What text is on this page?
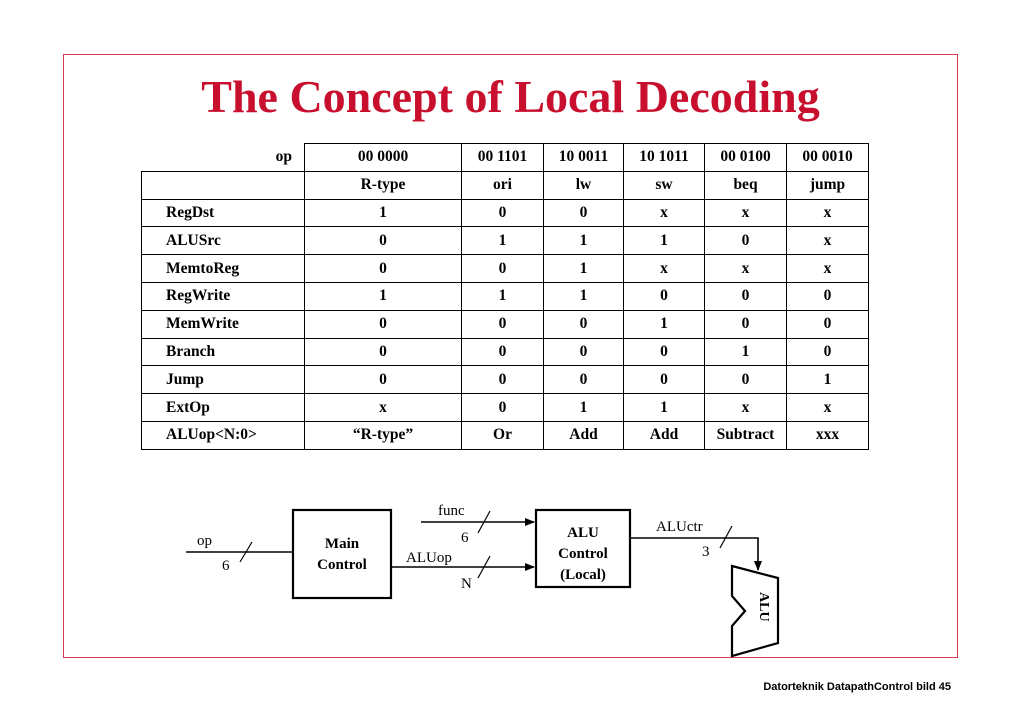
The Concept of Local Decoding
op	00 0000	00 1101	10 0011	10 1011	00 0100	00 0010
	R-type	ori	lw	sw	beq	jump
RegDst	1	0	0	x	x	x
ALUSrc	0	1	1	1	0	x
MemtoReg	0	0	1	x	x	x
RegWrite	1	1	1	0	0	0
MemWrite	0	0	0	1	0	0
Branch	0	0	0	0	1	0
Jump	0	0	0	0	0	1
ExtOp	x	0	1	1	x	x
ALUop<N:0>	“R-type”	Or	Add	Add	Subtract	xxx
op
6
Main
Control
func
6
ALUop
N
ALU
Control
(Local)
ALUctr
3
ALU
Datorteknik DatapathControl bild 45
